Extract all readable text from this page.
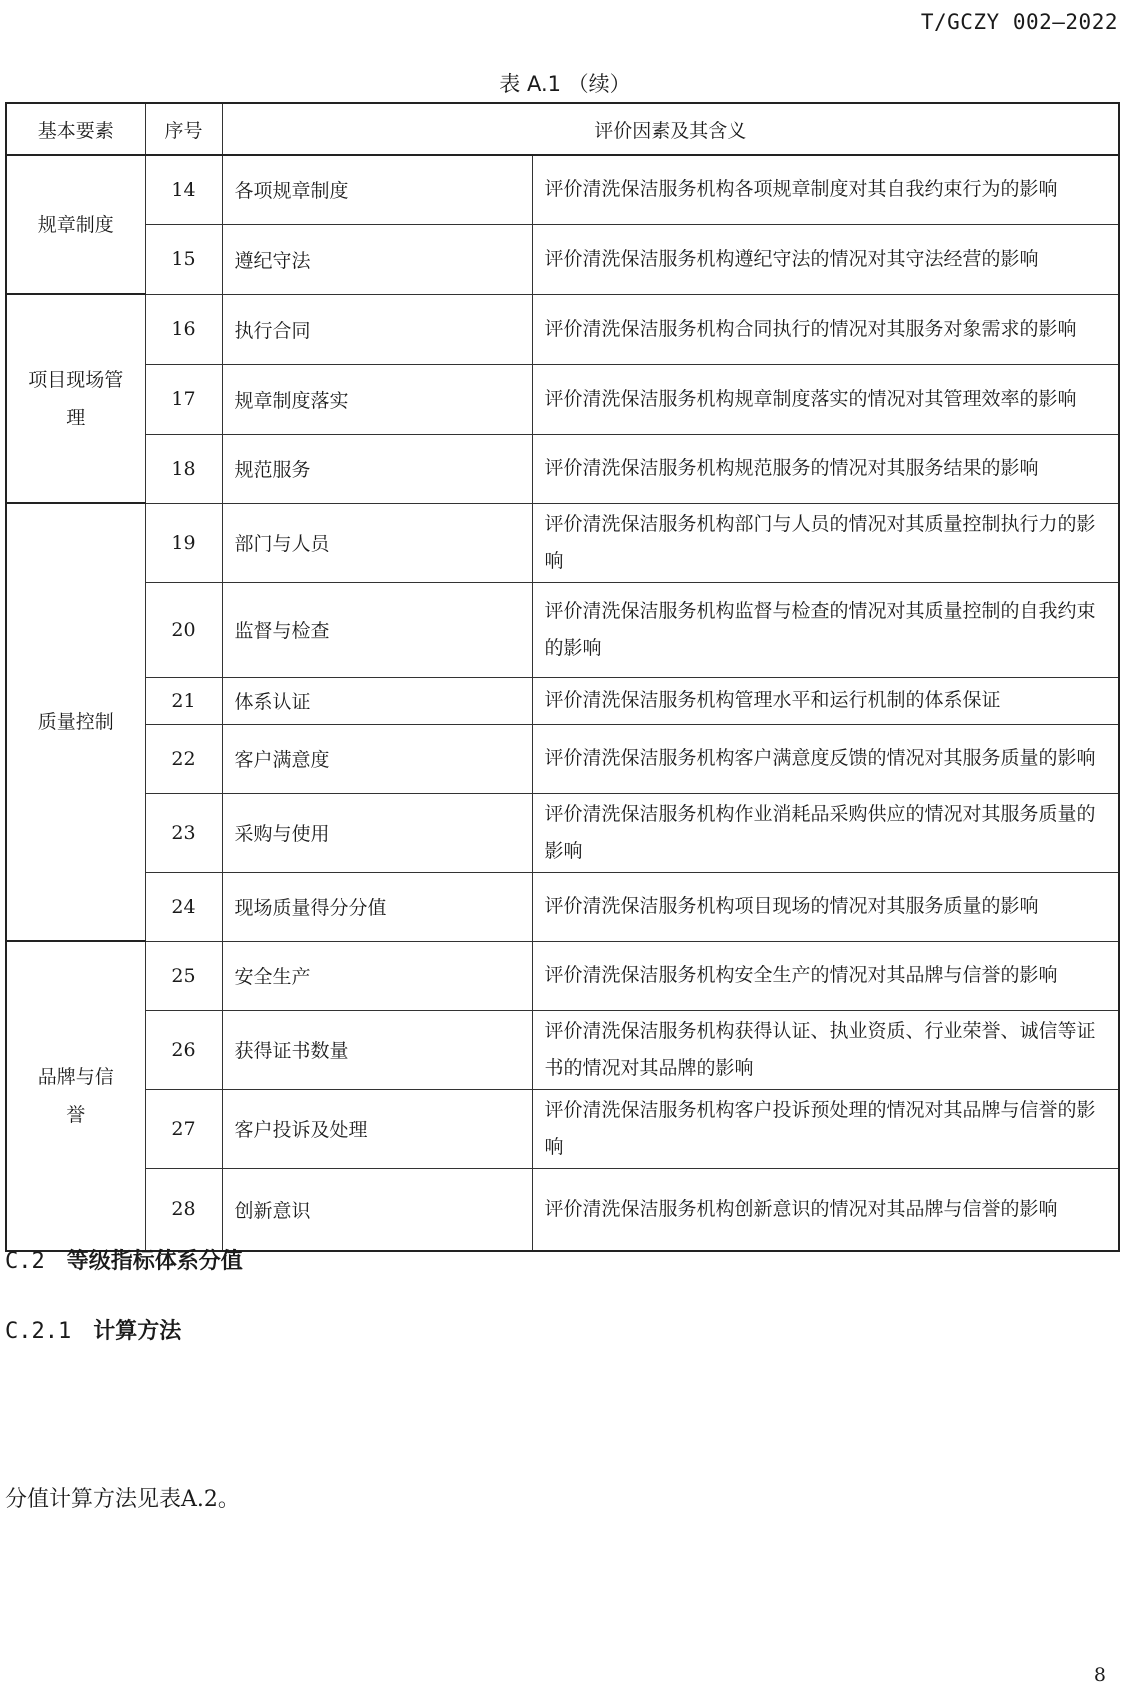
T/GCZY 002—2022
表 A.1 （续）
基本要素	序号	评价因素及其含义	
规章制度	14	各项规章制度	评价清洗保洁服务机构各项规章制度对其自我约束行为的影响
	15	遵纪守法	评价清洗保洁服务机构遵纪守法的情况对其守法经营的影响
项目现场管理	16	执行合同	评价清洗保洁服务机构合同执行的情况对其服务对象需求的影响
	17	规章制度落实	评价清洗保洁服务机构规章制度落实的情况对其管理效率的影响
	18	规范服务	评价清洗保洁服务机构规范服务的情况对其服务结果的影响
质量控制	19	部门与人员	评价清洗保洁服务机构部门与人员的情况对其质量控制执行力的影响
	20	监督与检查	评价清洗保洁服务机构监督与检查的情况对其质量控制的自我约束的影响
	21	体系认证	评价清洗保洁服务机构管理水平和运行机制的体系保证
	22	客户满意度	评价清洗保洁服务机构客户满意度反馈的情况对其服务质量的影响
	23	采购与使用	评价清洗保洁服务机构作业消耗品采购供应的情况对其服务质量的影响
	24	现场质量得分分值	评价清洗保洁服务机构项目现场的情况对其服务质量的影响
品牌与信誉	25	安全生产	评价清洗保洁服务机构安全生产的情况对其品牌与信誉的影响
	26	获得证书数量	评价清洗保洁服务机构获得认证、执业资质、行业荣誉、诚信等证书的情况对其品牌的影响
	27	客户投诉及处理	评价清洗保洁服务机构客户投诉预处理的情况对其品牌与信誉的影响
	28	创新意识	评价清洗保洁服务机构创新意识的情况对其品牌与信誉的影响
C.2 等级指标体系分值
C.2.1 计算方法
分值计算方法见表A.2。
8
